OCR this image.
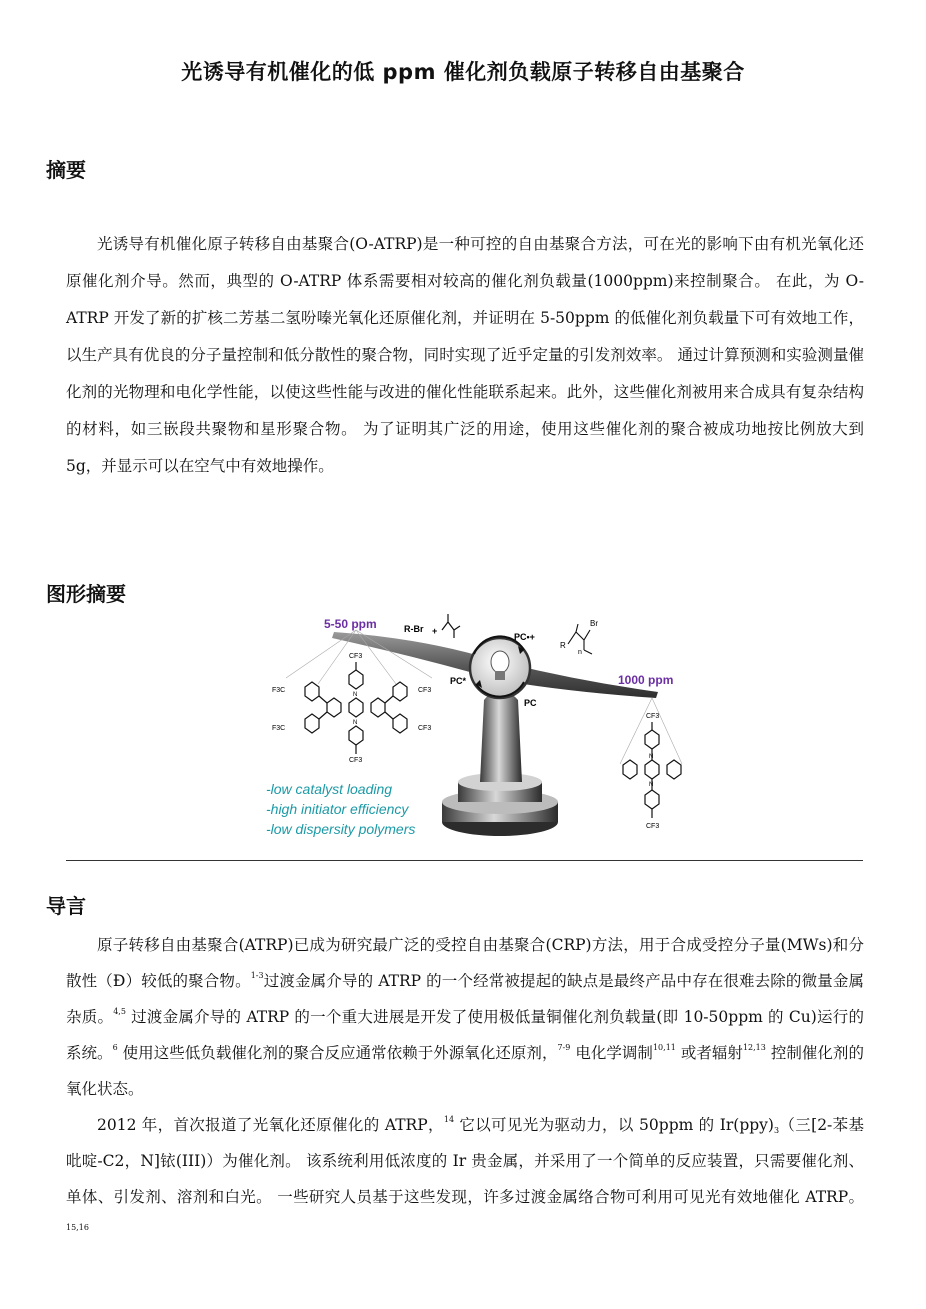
光诱导有机催化的低 ppm 催化剂负载原子转移自由基聚合
摘要

光诱导有机催化原子转移自由基聚合(O-ATRP)是一种可控的自由基聚合方法，可在光的影响下由有机光氧化还原催化剂介导。然而，典型的 O-ATRP 体系需要相对较高的催化剂负载量(1000ppm)来控制聚合。 在此，为 O-ATRP 开发了新的扩核二芳基二氢吩嗪光氧化还原催化剂，并证明在 5-50ppm 的低催化剂负载量下可有效地工作，以生产具有优良的分子量控制和低分散性的聚合物，同时实现了近乎定量的引发剂效率。 通过计算预测和实验测量催化剂的光物理和电化学性能，以使这些性能与改进的催化性能联系起来。此外，这些催化剂被用来合成具有复杂结构的材料，如三嵌段共聚物和星形聚合物。 为了证明其广泛的用途，使用这些催化剂的聚合被成功地按比例放大到 5g，并显示可以在空气中有效地操作。

图形摘要
5-50 ppm
1000 ppm
R-Br +
PC•+
PC*
PC
R
Br
n
CF3
CF3
F3C
F3C
CF3
CF3
N
N
CF3
CF3
N
N
-low catalyst loading
-high initiator efficiency
-low dispersity polymers
导言

原子转移自由基聚合(ATRP)已成为研究最广泛的受控自由基聚合(CRP)方法，用于合成受控分子量(MWs)和分散性（Đ）较低的聚合物。$^{1-3}$过渡金属介导的 ATRP 的一个经常被提起的缺点是最终产品中存在很难去除的微量金属杂质。$^{4,5}$ 过渡金属介导的 ATRP 的一个重大进展是开发了使用极低量铜催化剂负载量(即 10-50ppm 的 Cu)运行的系统。$^6$ 使用这些低负载催化剂的聚合反应通常依赖于外源氧化还原剂，$^{7-9}$ 电化学调制$^{10,11}$ 或者辐射$^{12,13}$ 控制催化剂的氧化状态。

2012 年，首次报道了光氧化还原催化的 ATRP，$^{14}$ 它以可见光为驱动力，以 50ppm 的 $Ir(ppy)_3$（三[2-苯基吡啶-C2，N]铱(III)）为催化剂。 该系统利用低浓度的 Ir 贵金属，并采用了一个简单的反应装置，只需要催化剂、单体、引发剂、溶剂和白光。 一些研究人员基于这些发现，许多过渡金属络合物可利用可见光有效地催化 ATRP。$^{15,16}$
